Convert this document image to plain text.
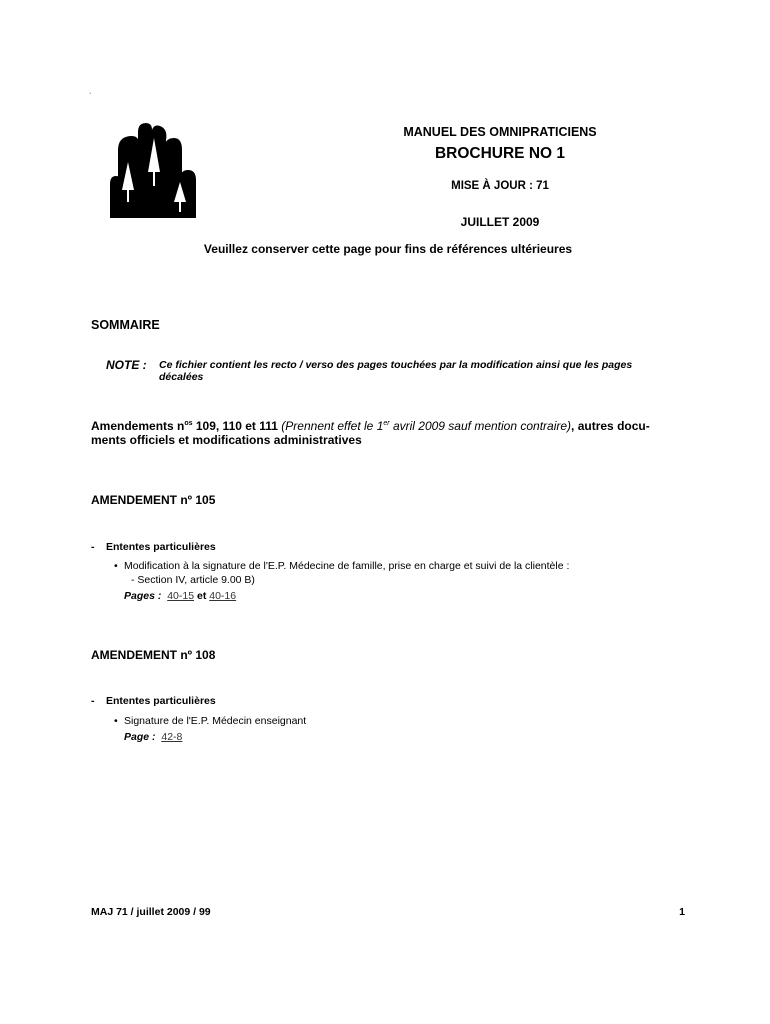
`
MANUEL DES OMNIPRATICIENS
BROCHURE NO 1
MISE À JOUR : 71
JUILLET 2009
Veuillez conserver cette page pour fins de références ultérieures
SOMMAIRE
NOTE : Ce fichier contient les recto / verso des pages touchées par la modification ainsi que les pages
décalées
Amendements $n^{os}$ 109, 110 et 111 (Prennent effet le 1er avril 2009 sauf mention contraire), autres docu-
ments officiels et modifications administratives
AMENDEMENT nº 105
- Ententes particulières
• Modification à la signature de l'E.P. Médecine de famille, prise en charge et suivi de la clientèle :
- Section IV, article 9.00 B)
Pages : 40-15 et 40-16
AMENDEMENT nº 108
- Ententes particulières
• Signature de l'E.P. Médecin enseignant
Page : 42-8
MAJ 71 / juillet 2009 / 99	1
